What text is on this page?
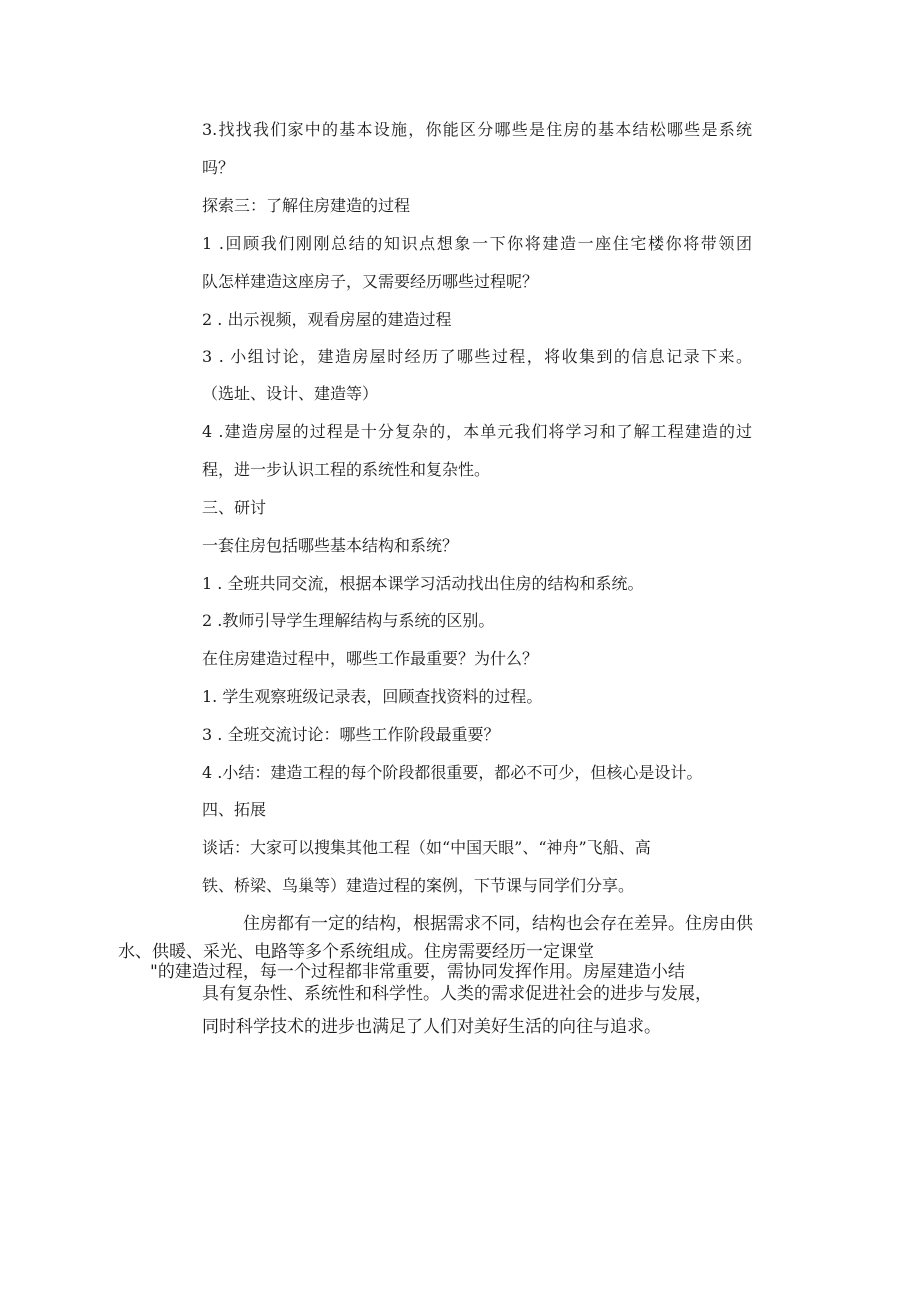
3.找找我们家中的基本设施，你能区分哪些是住房的基本结松哪些是系统
吗？
探索三：了解住房建造的过程
1 .回顾我们刚刚总结的知识点想象一下你将建造一座住宅楼你将带领团
队怎样建造这座房子，又需要经历哪些过程呢？
2 . 出示视频，观看房屋的建造过程
3 . 小组讨论，建造房屋时经历了哪些过程，将收集到的信息记录下来。
（选址、设计、建造等）
4 .建造房屋的过程是十分复杂的，本单元我们将学习和了解工程建造的过
程，进一步认识工程的系统性和复杂性。
三、研讨
一套住房包括哪些基本结构和系统？
1 . 全班共同交流，根据本课学习活动找出住房的结构和系统。
2 .教师引导学生理解结构与系统的区别。
在住房建造过程中，哪些工作最重要？为什么？
1. 学生观察班级记录表，回顾查找资料的过程。
3 . 全班交流讨论：哪些工作阶段最重要？
4 .小结：建造工程的每个阶段都很重要，都必不可少，但核心是设计。
四、拓展
谈话：大家可以搜集其他工程（如“中国天眼”、“神舟”飞船、高
铁、桥梁、鸟巢等）建造过程的案例，下节课与同学们分享。
住房都有一定的结构，根据需求不同，结构也会存在差异。住房由供
水、供暖、采光、电路等多个系统组成。住房需要经历一定课堂
"的建造过程，每一个过程都非常重要，需协同发挥作用。房屋建造小结
具有复杂性、系统性和科学性。人类的需求促进社会的进步与发展，
同时科学技术的进步也满足了人们对美好生活的向往与追求。
